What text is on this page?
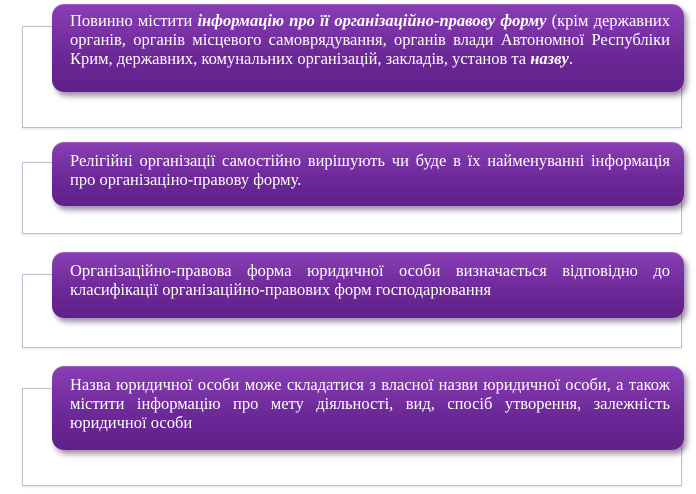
Повинно містити інформацію про її організаційно-правову форму (крім державних органів, органів місцевого самоврядування, органів влади Автономної Республіки Крим, державних, комунальних організацій, закладів, установ та назву.
Релігійні організації самостійно вирішують чи буде в їх найменуванні інформація про організаціно-правову форму.
Організаційно-правова форма юридичної особи визначається відповідно до класифікації організаційно-правових форм господарювання
Назва юридичної особи може складатися з власної назви юридичної особи, а також містити інформацію про мету діяльності, вид, спосіб утворення, залежність юридичної особи
